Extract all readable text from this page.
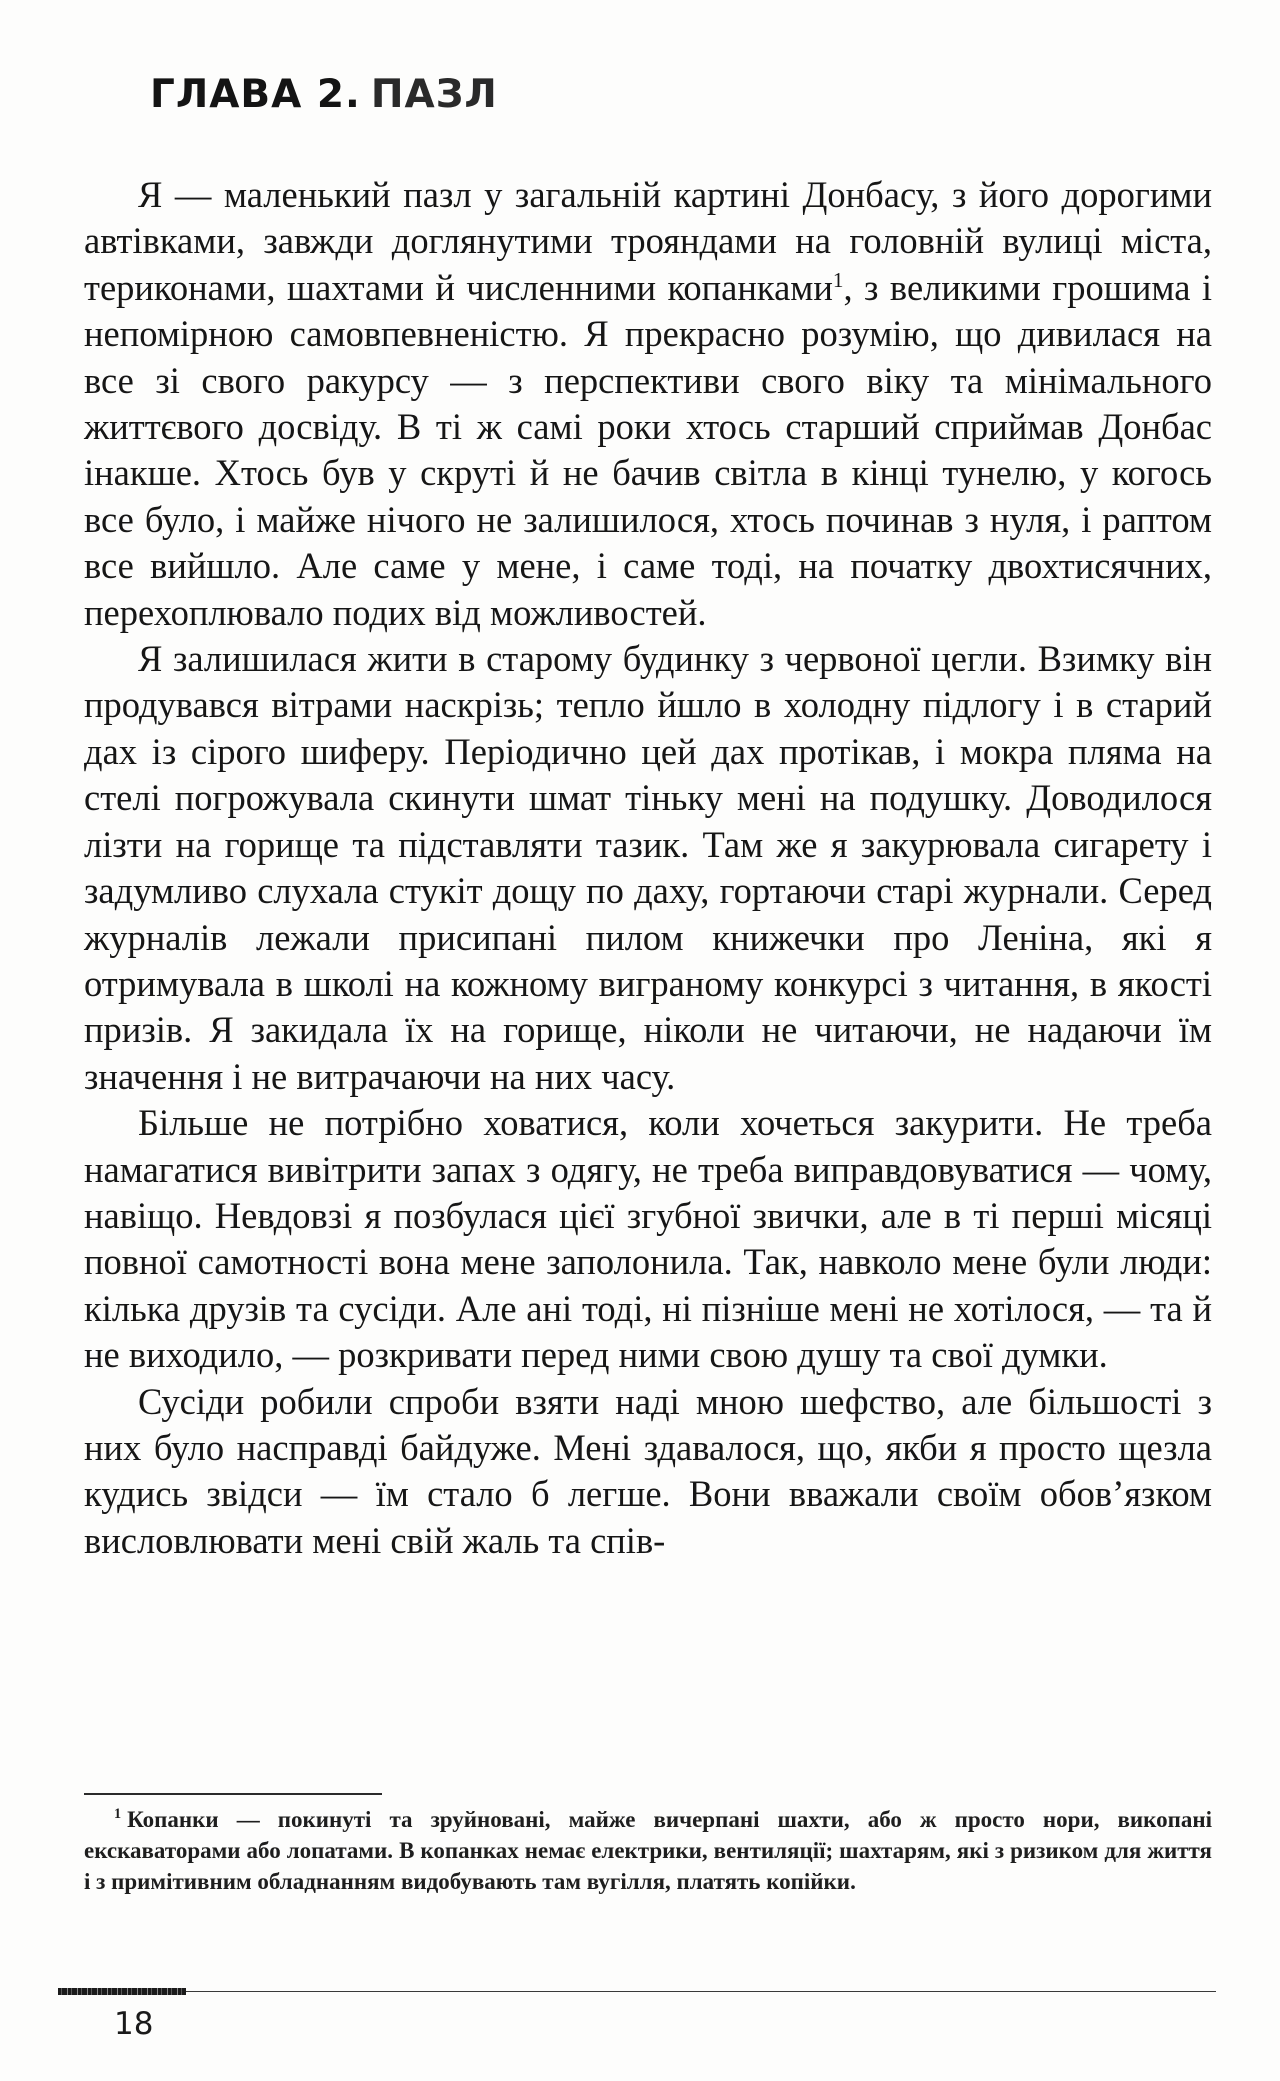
ГЛАВА 2. ПАЗЛ

Я — маленький пазл у загальній картині Донбасу, з його дорогими автівками, завжди доглянутими трояндами на головній вулиці міста, териконами, шахтами й численними копанками$^1$, з великими грошима і непомірною самовпевненістю. Я прекрасно розумію, що дивилася на все зі свого ракурсу — з перспективи свого віку та мінімального життєвого досвіду. В ті ж самі роки хтось старший сприймав Донбас інакше. Хтось був у скруті й не бачив світла в кінці тунелю, у когось все було, і майже нічого не залишилося, хтось починав з нуля, і раптом все вийшло. Але саме у мене, і саме тоді, на початку двохтисячних, перехоплювало подих від можливостей.

Я залишилася жити в старому будинку з червоної цегли. Взимку він продувався вітрами наскрізь; тепло йшло в холодну підлогу і в старий дах із сірого шиферу. Періодично цей дах протікав, і мокра пляма на стелі погрожувала скинути шмат тіньку мені на подушку. Доводилося лізти на горище та підставляти тазик. Там же я закурювала сигарету і задумливо слухала стукіт дощу по даху, гортаючи старі журнали. Серед журналів лежали присипані пилом книжечки про Леніна, які я отримувала в школі на кожному виграному конкурсі з читання, в якості призів. Я закидала їх на горище, ніколи не читаючи, не надаючи їм значення і не витрачаючи на них часу.

Більше не потрібно ховатися, коли хочеться закурити. Не треба намагатися вивітрити запах з одягу, не треба виправдовуватися — чому, навіщо. Невдовзі я позбулася цієї згубної звички, але в ті перші місяці повної самотності вона мене заполонила. Так, навколо мене були люди: кілька друзів та сусіди. Але ані тоді, ні пізніше мені не хотілося, — та й не виходило, — розкривати перед ними свою душу та свої думки.

Сусіди робили спроби взяти наді мною шефство, але більшості з них було насправді байдуже. Мені здавалося, що, якби я просто щезла кудись звідси — їм стало б легше. Вони вважали своїм обов’язком висловлювати мені свій жаль та спів-

$^1$ Копанки — покинуті та зруйновані, майже вичерпані шахти, або ж просто нори, викопані екскаваторами або лопатами. В копанках немає електрики, вентиляції; шахтарям, які з ризиком для життя і з примітивним обладнанням видобувають там вугілля, платять копійки.

18
